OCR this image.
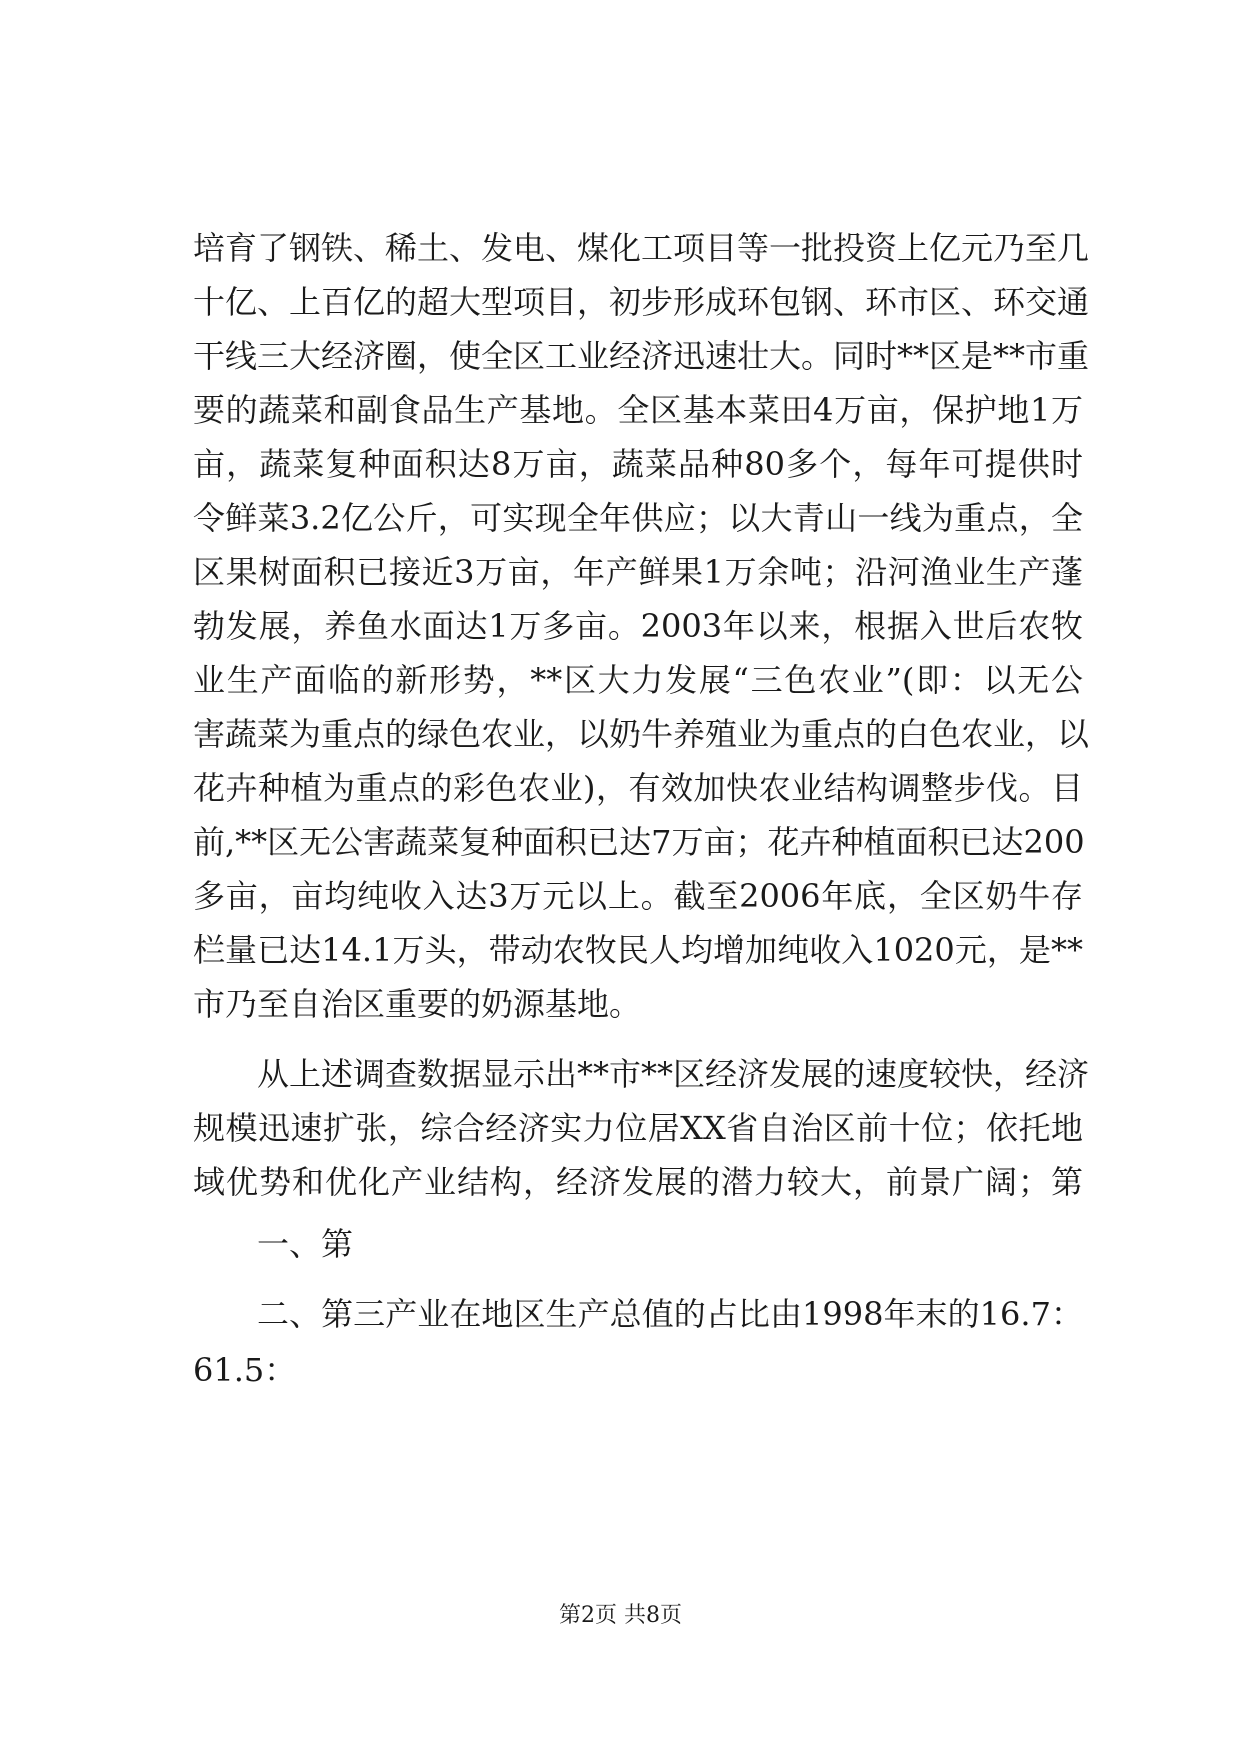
培育了钢铁、稀土、发电、煤化工项目等一批投资上亿元乃至几
十亿、上百亿的超大型项目，初步形成环包钢、环市区、环交通
干线三大经济圈，使全区工业经济迅速壮大。同时**区是**市重
要的蔬菜和副食品生产基地。全区基本菜田4万亩，保护地1万
亩，蔬菜复种面积达8万亩，蔬菜品种80多个，每年可提供时
令鲜菜3.2亿公斤，可实现全年供应；以大青山一线为重点，全
区果树面积已接近3万亩，年产鲜果1万余吨；沿河渔业生产蓬
勃发展，养鱼水面达1万多亩。2003年以来，根据入世后农牧
业生产面临的新形势，**区大力发展“三色农业”(即：以无公
害蔬菜为重点的绿色农业，以奶牛养殖业为重点的白色农业，以
花卉种植为重点的彩色农业)，有效加快农业结构调整步伐。目
前,**区无公害蔬菜复种面积已达7万亩；花卉种植面积已达200
多亩，亩均纯收入达3万元以上。截至2006年底，全区奶牛存
栏量已达14.1万头，带动农牧民人均增加纯收入1020元，是**
市乃至自治区重要的奶源基地。
从上述调查数据显示出**市**区经济发展的速度较快，经济
规模迅速扩张，综合经济实力位居XX省自治区前十位；依托地
域优势和优化产业结构，经济发展的潜力较大，前景广阔；第
一、第
二、第三产业在地区生产总值的占比由1998年末的16.7：
61.5：
第2页 共8页
